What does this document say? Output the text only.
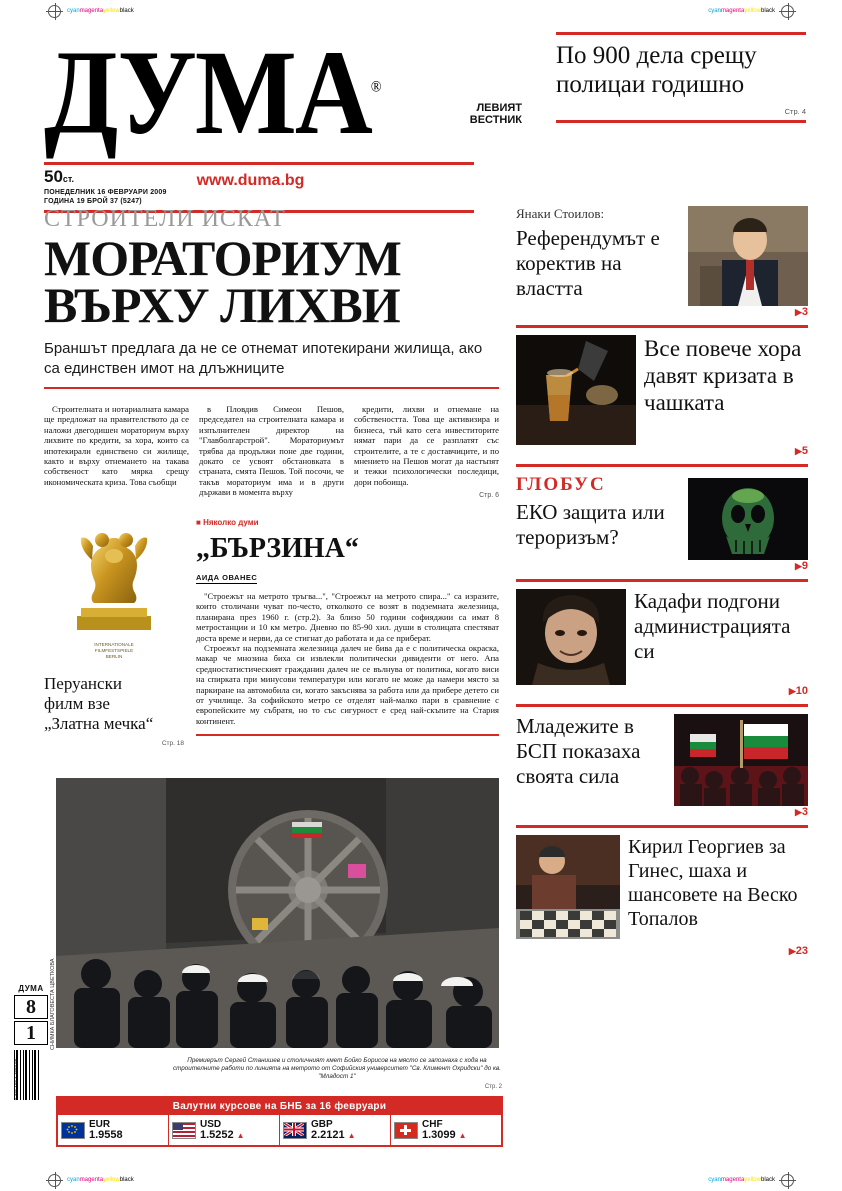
cyanmagentayellowblack	cyanmagentayellowblack
ДУМА®
ЛЕВИЯТ
ВЕСТНИК
По 900 дела срещу полицаи годишно
Стр. 4
50ст.
ПОНЕДЕЛНИК 16 ФЕВРУАРИ 2009
ГОДИНА 19 БРОЙ 37 (5247)
www.duma.bg
СТРОИТЕЛИ ИСКАТ
МОРАТОРИУМ
ВЪРХУ ЛИХВИ
Браншът предлага да не се отнемат ипотекирани жилища, ако са единствен имот на длъжниците

Строителната и нотариалната камара ще предложат на правителството да се наложи двегодишен мораториум върху лихвите по кредити, за хора, които са ипотекирали единствено си жилище, както и върху отнемането на такава собственост като мярка срещу икономическата криза. Това съобщи

в Пловдив Симеон Пешов, председател на строителната камара и изпълнителен директор на "Главболгарстрой". Мораториумът трябва да продължи поне две години, докато се усвоят обстановката в страната, смята Пешов. Той посочи, че такъв мораториум има и в други държави в момента върху

кредити, лихви и отнемане на собствеността. Това ще активизира и бизнеса, тъй като сега инвеститорите нямат пари да се разплатят със строителите, а те с доставчиците, и по мнението на Пешов могат да настъпят и тежки психологически последици, дори побоища.

Стр. 6
INTERNATIONALE
FILMFESTSPIELE
BERLIN
Перуански
филм взе
„Златна мечка“
Стр. 18
■ Няколко думи
„БЪРЗИНА“
АИДА ОВАНЕС

"Строежът на метрото тръгва...", "Строежът на метрото спира..." са изразите, които столичани чуват по-често, отколкото се возят в подземната железница, планирана през 1960 г. (стр.2). За близо 50 години софияджии са имат 8 метростанции и 10 км метро. Дневно по 85-90 хил. души в столицата спестяват доста време и нерви, да се стигнат до работата и да се приберат.

Строежът на подземната железница далеч не бива да е с политическа окраска, макар че мнозина биха си извлекли политически дивиденти от него. Апа средностатистическият гражданин далеч не се вълнува от политика, когато виси на спирката при минусови температури или когато не може да намери място за паркиране на автомобила си, когато закъснява за работа или да прибере детето си от училище. За софийското метро се отделят най-малко пари в сравнение с европейските му събратя, но то със сигурност е сред най-скъпите на Стария континент.

СНИМКА БЛАГОВЕСТА ЦВЕТКОВА
Премиерът Сергей Станишев и столичният кмет Бойко Борисов на място се запознаха с хода на строителните работи по линията на метрото от Софийския университет "Св. Климент Охридски" до кв. "Младост 1"
Стр. 2
ДУМА
8
1
9 771 106 1 4003 08
Валутни курсове на БНБ за 16 февруари
EUR
1.9558
USD
1.5252 ▲
GBP
2.2121 ▲
CHF
1.3099 ▲
Янаки Стоилов:
Референдумът е коректив на властта
▶3
Все повече хора давят кризата в чашката
▶5
ГЛОБУС
ЕКО защита или тероризъм?
▶9
Кадафи подгони администрацията си
▶10
Младежите в БСП показаха своята сила
▶3
Кирил Георгиев за Гинес, шаха и шансовете на Веско Топалов
▶23
cyanmagentayellowblack	cyanmagentayellowblack
